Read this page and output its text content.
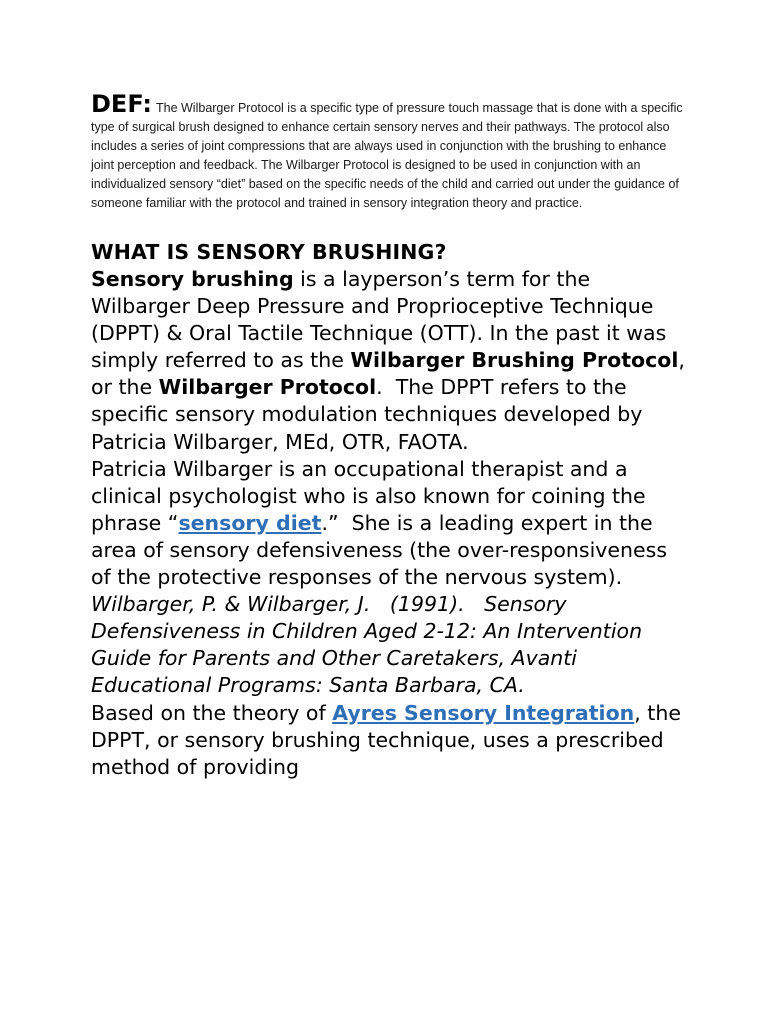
DEF: The Wilbarger Protocol is a specific type of pressure touch massage that is done with a specific type of surgical brush designed to enhance certain sensory nerves and their pathways. The protocol also includes a series of joint compressions that are always used in conjunction with the brushing to enhance joint perception and feedback. The Wilbarger Protocol is designed to be used in conjunction with an individualized sensory “diet” based on the specific needs of the child and carried out under the guidance of someone familiar with the protocol and trained in sensory integration theory and practice.

WHAT IS SENSORY BRUSHING?

Sensory brushing is a layperson’s term for the Wilbarger Deep Pressure and Proprioceptive Technique (DPPT) & Oral Tactile Technique (OTT). In the past it was simply referred to as the Wilbarger Brushing Protocol, or the Wilbarger Protocol.  The DPPT refers to the specific sensory modulation techniques developed by Patricia Wilbarger, MEd, OTR, FAOTA.

Patricia Wilbarger is an occupational therapist and a clinical psychologist who is also known for coining the phrase “sensory diet.”  She is a leading expert in the area of sensory defensiveness (the over-responsiveness of the protective responses of the nervous system).

Wilbarger, P. & Wilbarger, J.   (1991).   Sensory Defensiveness in Children Aged 2-12: An Intervention  Guide for Parents and Other Caretakers, Avanti  Educational Programs: Santa Barbara, CA.

Based on the theory of Ayres Sensory Integration, the DPPT, or sensory brushing technique, uses a prescribed method of providing
